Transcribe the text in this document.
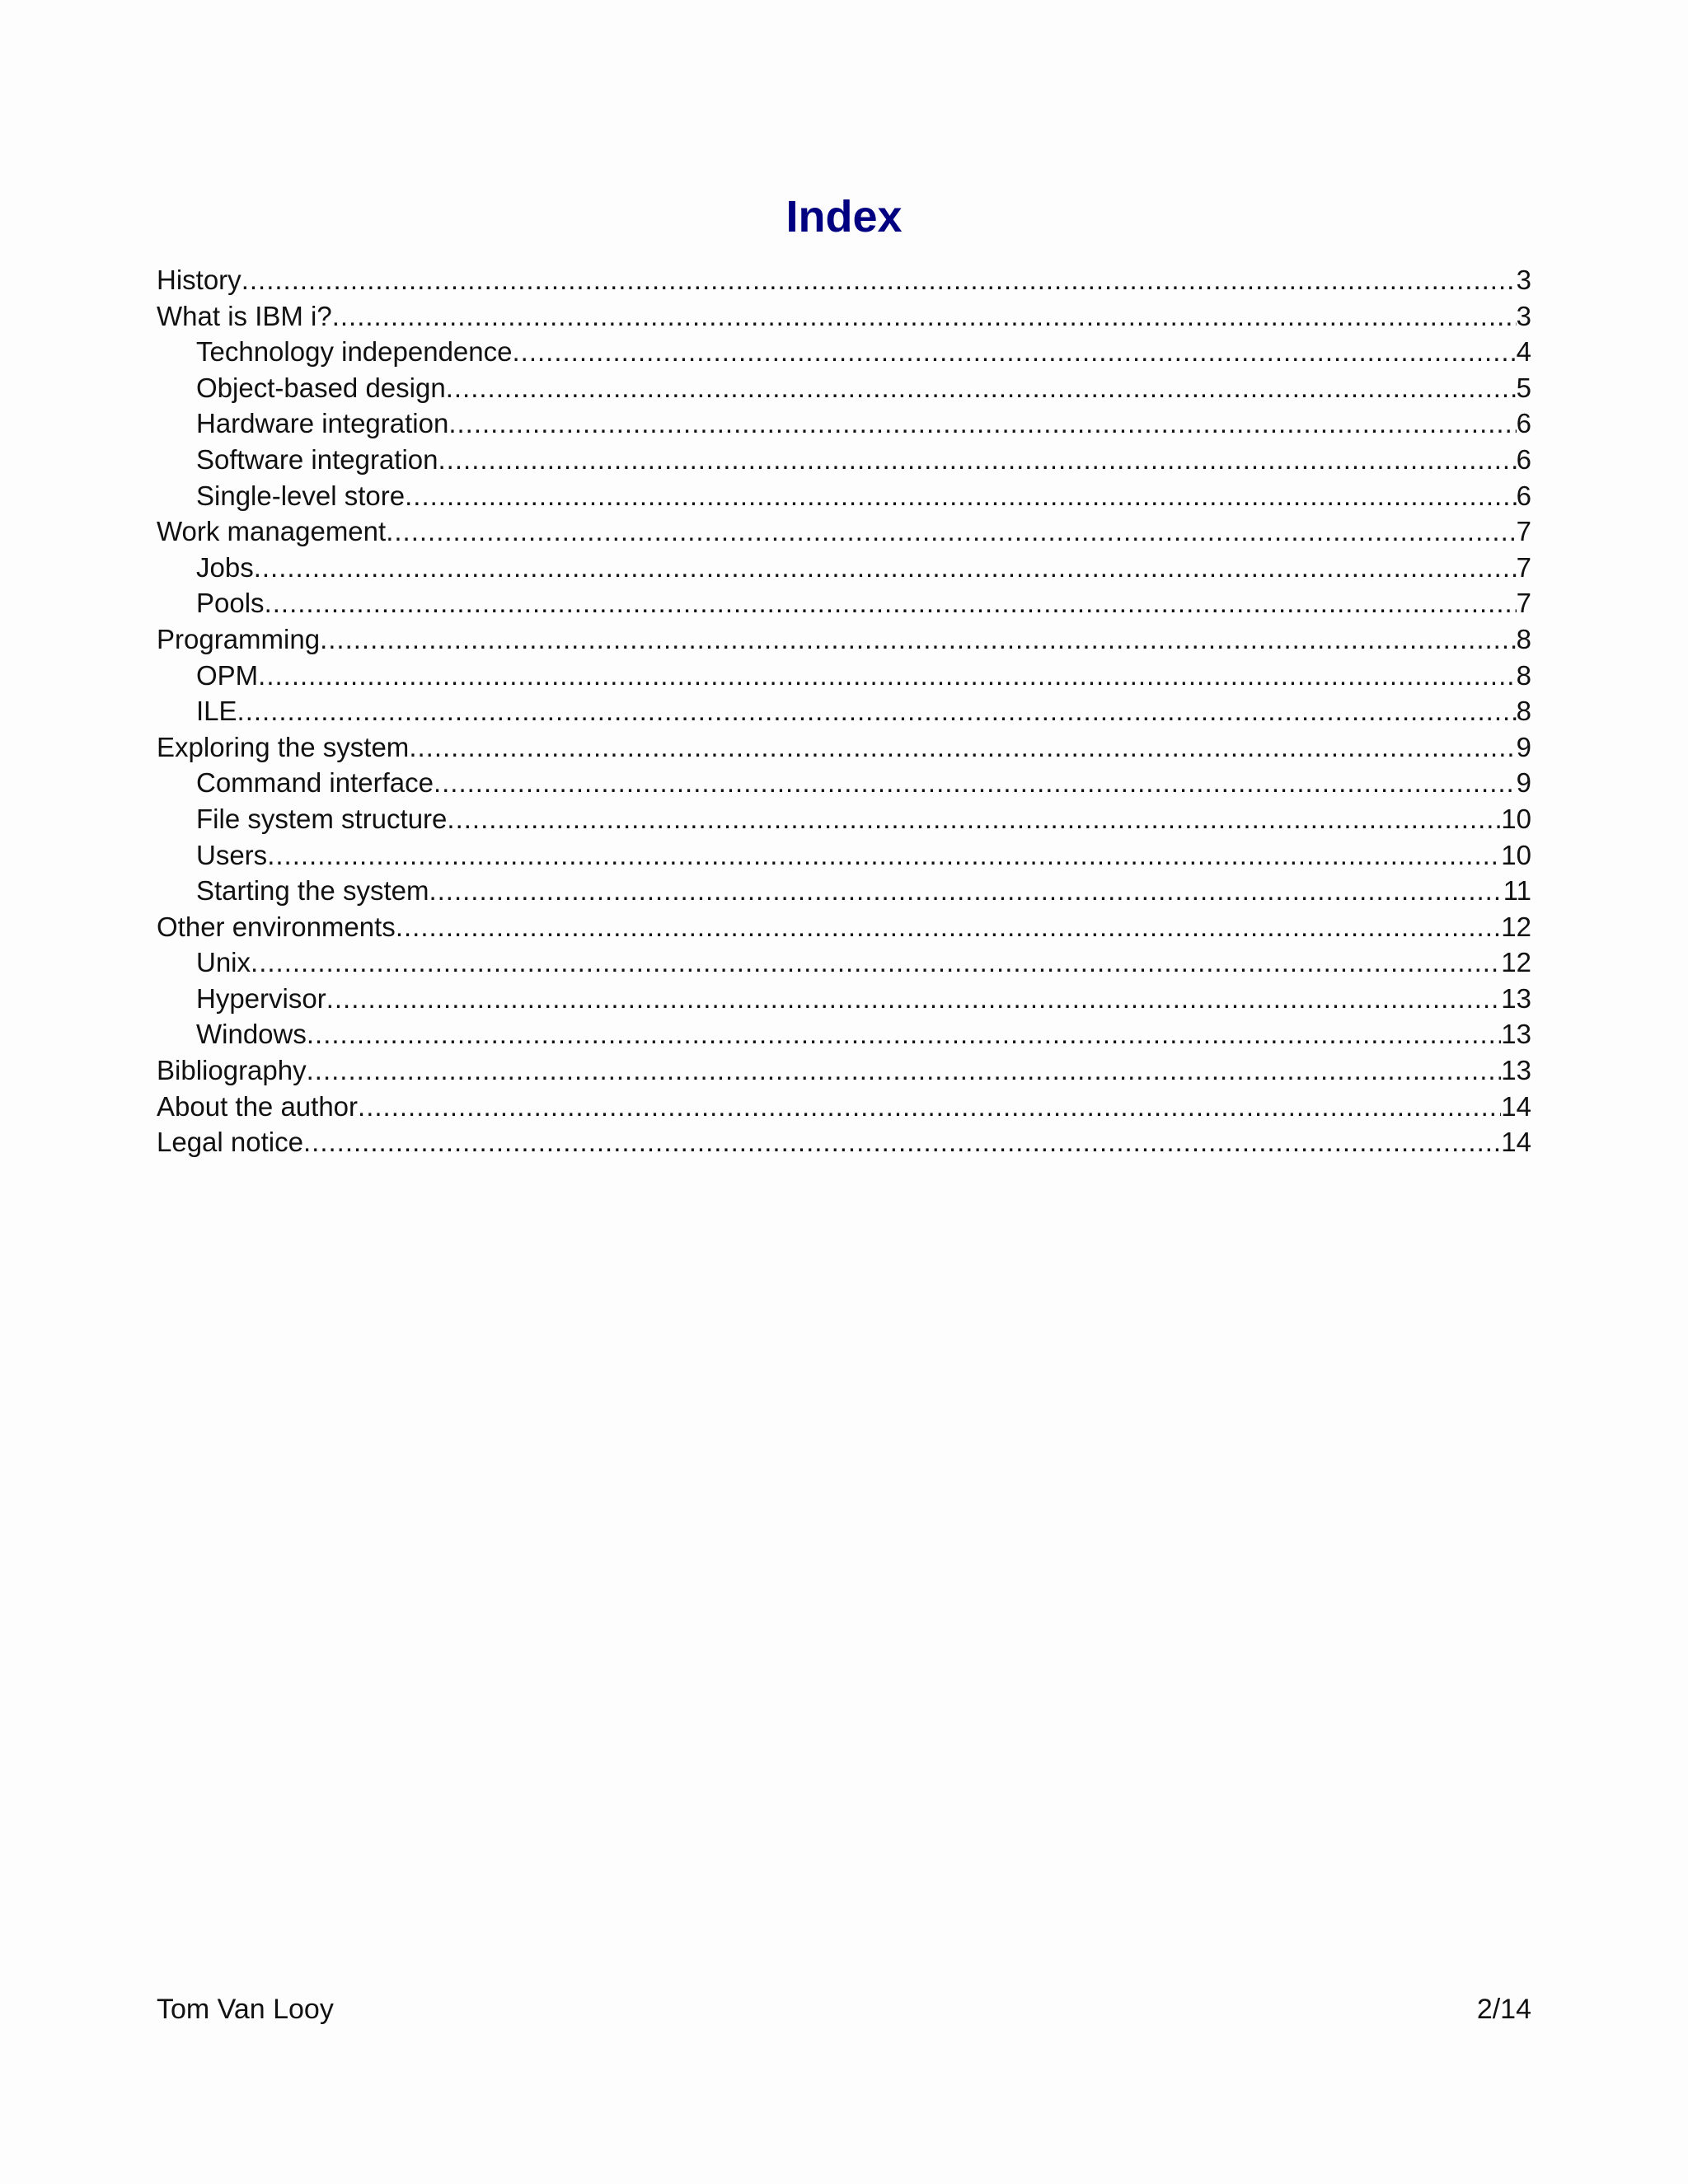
Index
History .....	3
What is IBM i? .....	3
Technology independence .....	4
Object-based design .....	5
Hardware integration .....	6
Software integration .....	6
Single-level store .....	6
Work management .....	7
Jobs .....	7
Pools .....	7
Programming .....	8
OPM .....	8
ILE .....	8
Exploring the system .....	9
Command interface .....	9
File system structure .....	10
Users .....	10
Starting the system .....	11
Other environments .....	12
Unix .....	12
Hypervisor .....	13
Windows .....	13
Bibliography .....	13
About the author .....	14
Legal notice .....	14
Tom Van Looy	2/14
